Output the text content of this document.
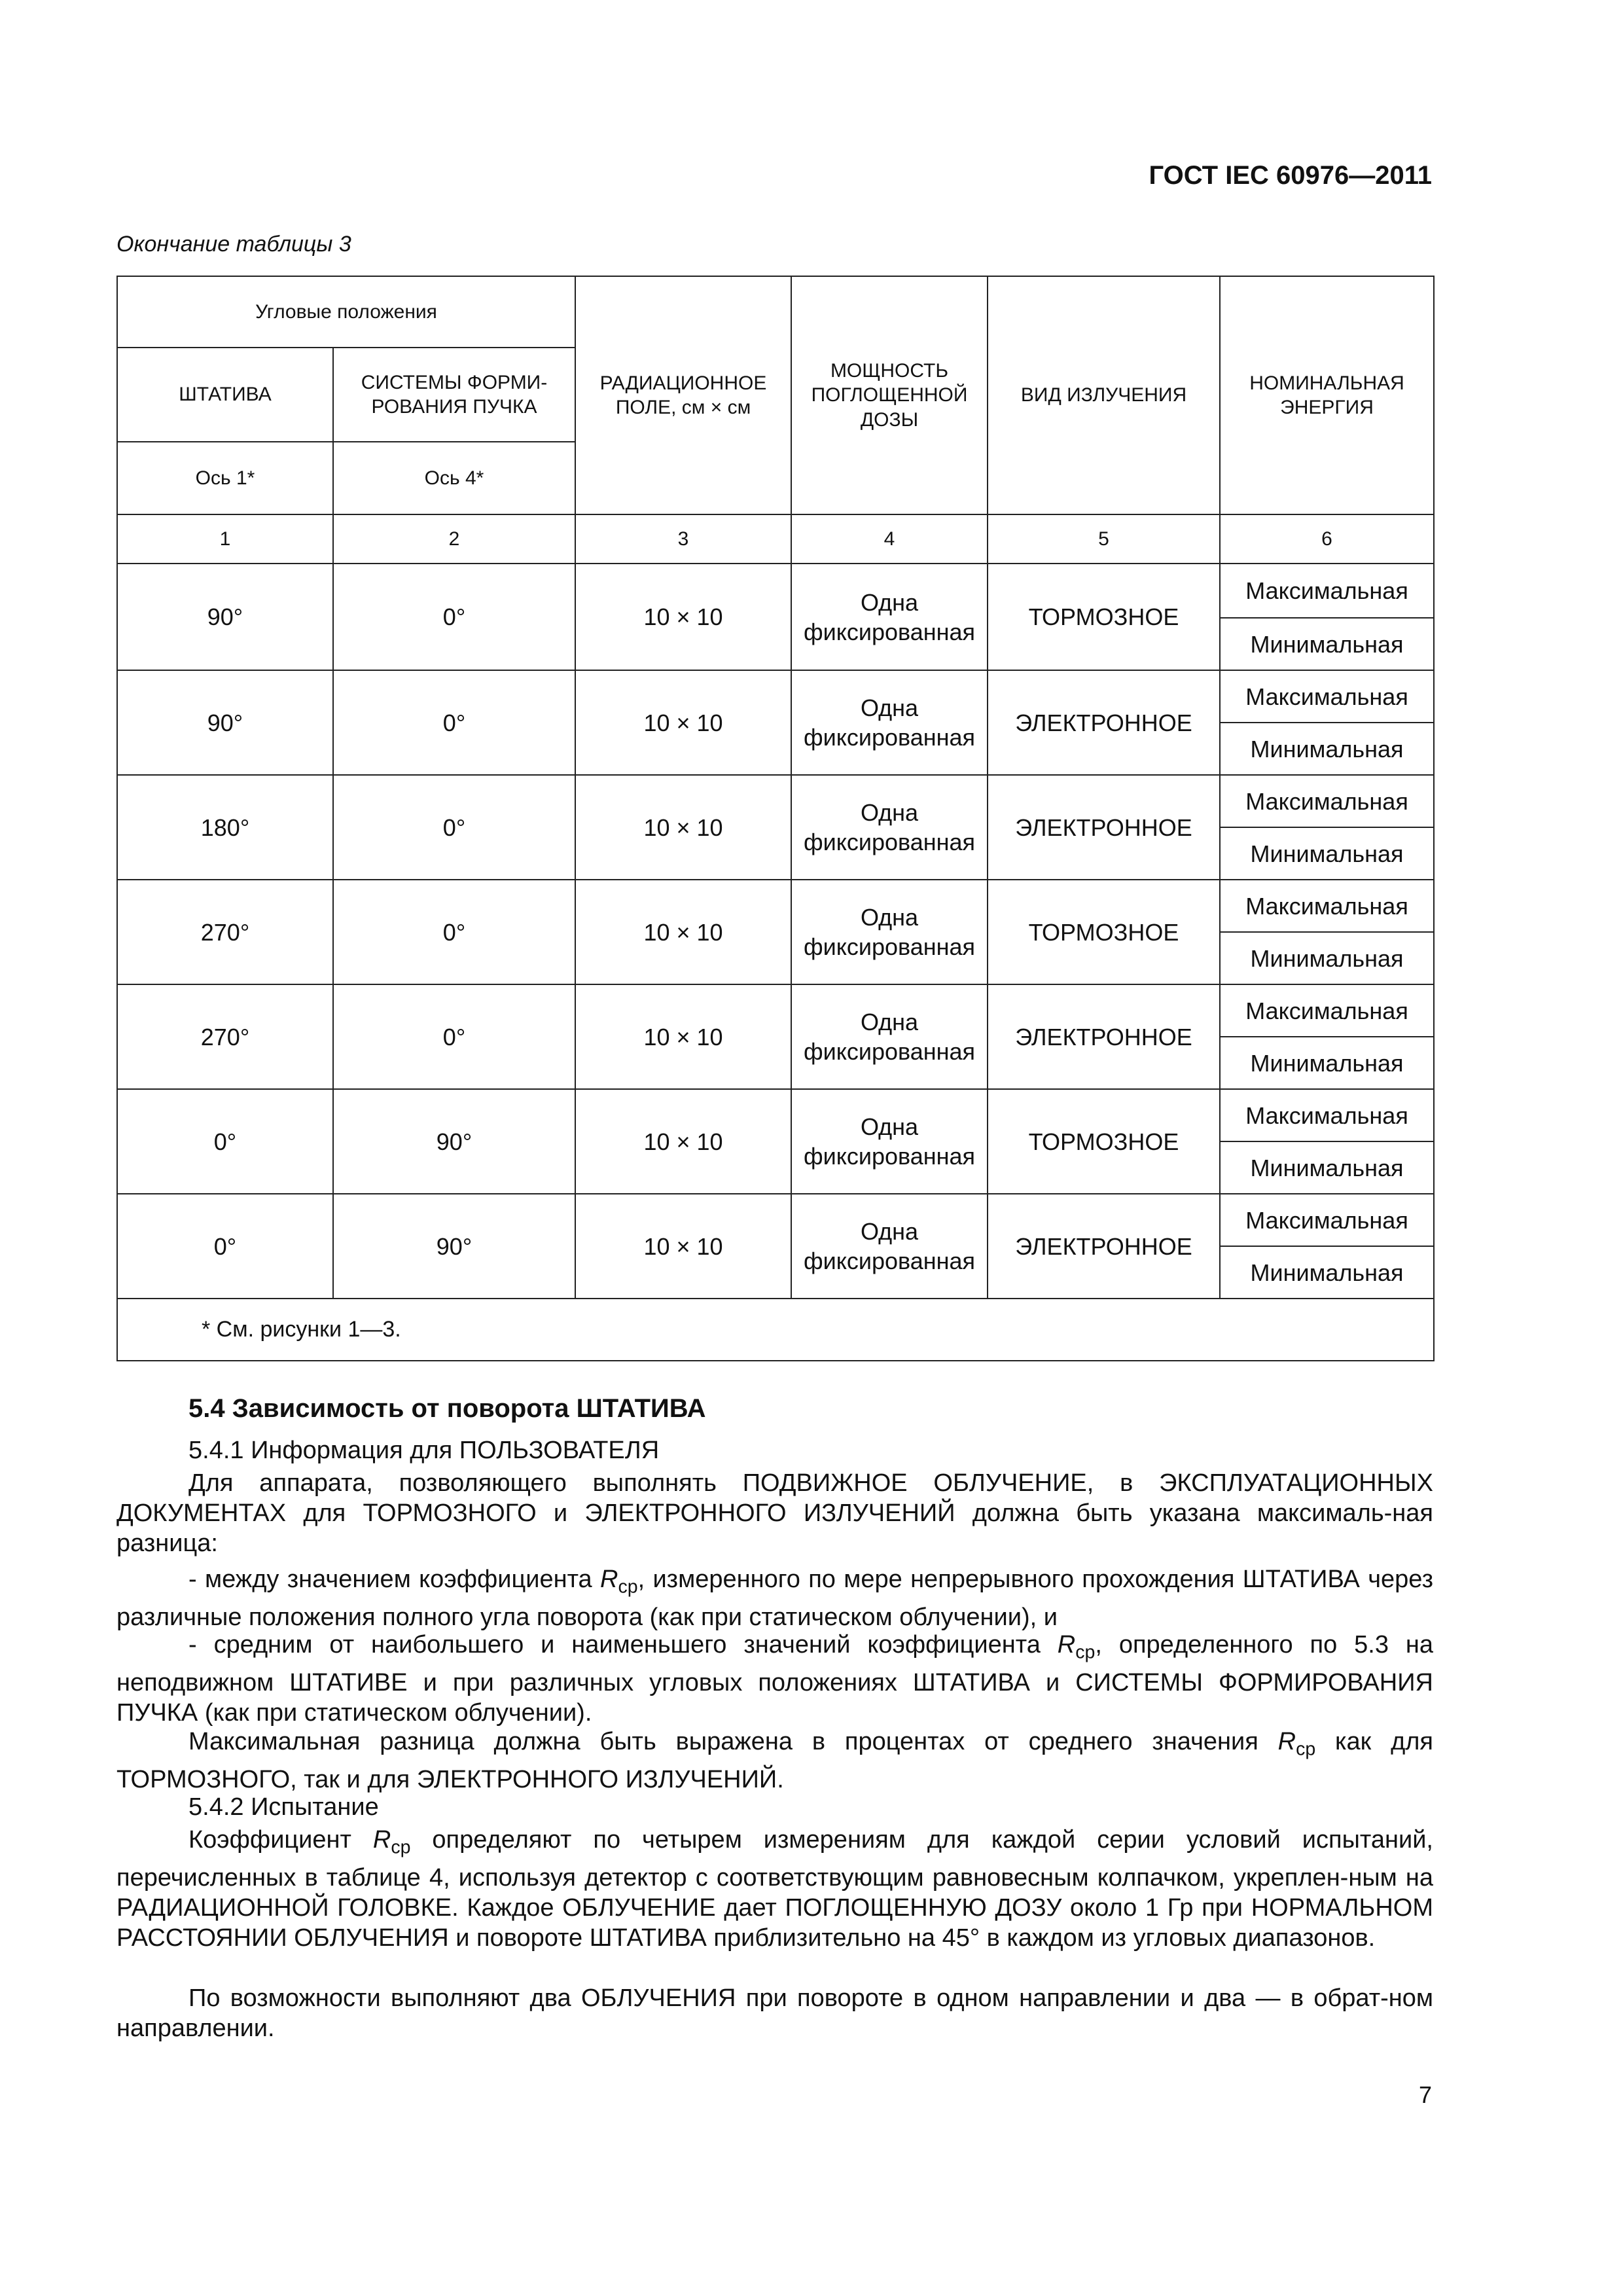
ГОСТ IEC 60976—2011
Окончание таблицы 3
Угловые положения		РАДИАЦИОННОЕ ПОЛЕ, см × см	МОЩНОСТЬ ПОГЛОЩЕННОЙ ДОЗЫ	ВИД ИЗЛУЧЕНИЯ	НОМИНАЛЬНАЯ ЭНЕРГИЯ
ШТАТИВА	СИСТЕМЫ ФОРМИ-РОВАНИЯ ПУЧКА				
Ось 1*	Ось 4*				
1	2	3	4	5	6
90°	0°	10 × 10	Одна фиксированная	ТОРМОЗНОЕ	Максимальная
					Минимальная
90°	0°	10 × 10	Одна фиксированная	ЭЛЕКТРОННОЕ	Максимальная
					Минимальная
180°	0°	10 × 10	Одна фиксированная	ЭЛЕКТРОННОЕ	Максимальная
					Минимальная
270°	0°	10 × 10	Одна фиксированная	ТОРМОЗНОЕ	Максимальная
					Минимальная
270°	0°	10 × 10	Одна фиксированная	ЭЛЕКТРОННОЕ	Максимальная
					Минимальная
0°	90°	10 × 10	Одна фиксированная	ТОРМОЗНОЕ	Максимальная
					Минимальная
0°	90°	10 × 10	Одна фиксированная	ЭЛЕКТРОННОЕ	Максимальная
					Минимальная
* См. рисунки 1—3.					
5.4 Зависимость от поворота ШТАТИВА

5.4.1 Информация для ПОЛЬЗОВАТЕЛЯ

Для аппарата, позволяющего выполнять ПОДВИЖНОЕ ОБЛУЧЕНИЕ, в ЭКСПЛУАТАЦИОННЫХ ДОКУМЕНТАХ для ТОРМОЗНОГО и ЭЛЕКТРОННОГО ИЗЛУЧЕНИЙ должна быть указана максималь-ная разница:

- между значением коэффициента $R_{ср}$, измеренного по мере непрерывного прохождения ШТАТИВА через различные положения полного угла поворота (как при статическом облучении), и

- средним от наибольшего и наименьшего значений коэффициента $R_{ср}$, определенного по 5.3 на неподвижном ШТАТИВЕ и при различных угловых положениях ШТАТИВА и СИСТЕМЫ ФОРМИРОВАНИЯ ПУЧКА (как при статическом облучении).

Максимальная разница должна быть выражена в процентах от среднего значения $R_{ср}$ как для ТОРМОЗНОГО, так и для ЭЛЕКТРОННОГО ИЗЛУЧЕНИЙ.

5.4.2 Испытание

Коэффициент $R_{ср}$ определяют по четырем измерениям для каждой серии условий испытаний, перечисленных в таблице 4, используя детектор с соответствующим равновесным колпачком, укреплен-ным на РАДИАЦИОННОЙ ГОЛОВКЕ. Каждое ОБЛУЧЕНИЕ дает ПОГЛОЩЕННУЮ ДОЗУ около 1 Гр при НОРМАЛЬНОМ РАССТОЯНИИ ОБЛУЧЕНИЯ и повороте ШТАТИВА приблизительно на 45° в каждом из угловых диапазонов.

По возможности выполняют два ОБЛУЧЕНИЯ при повороте в одном направлении и два — в обрат-ном направлении.

7
